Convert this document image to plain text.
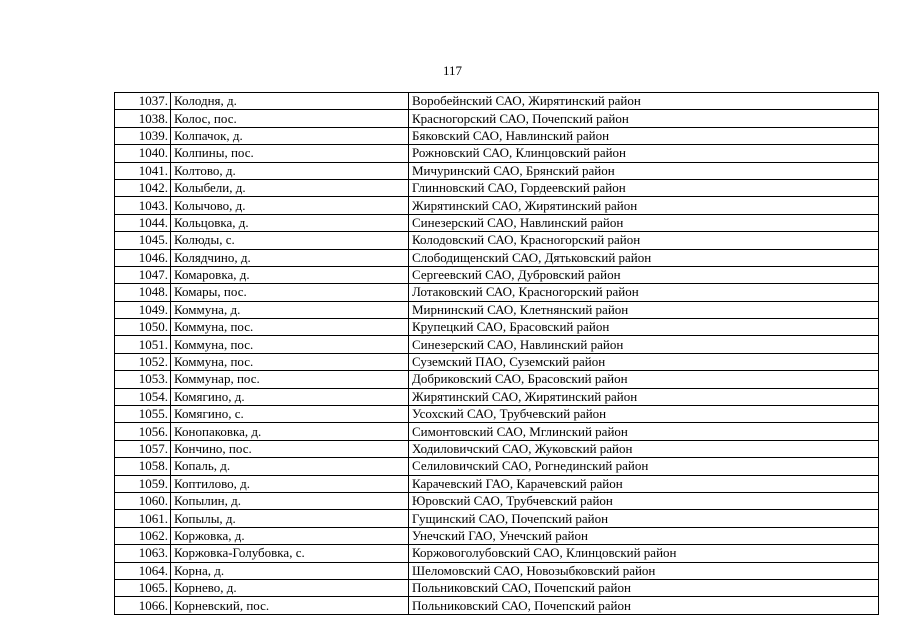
117
1037.	Колодня, д.	Воробейнский САО, Жирятинский район
1038.	Колос, пос.	Красногорский САО, Почепский район
1039.	Колпачок, д.	Бяковский САО, Навлинский район
1040.	Колпины, пос.	Рожновский САО, Клинцовский район
1041.	Колтово, д.	Мичуринский САО, Брянский район
1042.	Колыбели, д.	Глинновский САО, Гордеевский район
1043.	Колычово, д.	Жирятинский САО, Жирятинский район
1044.	Кольцовка, д.	Синезерский САО, Навлинский район
1045.	Колюды, с.	Колодовский САО, Красногорский район
1046.	Колядчино, д.	Слободищенский САО, Дятьковский район
1047.	Комаровка, д.	Сергеевский САО, Дубровский район
1048.	Комары, пос.	Лотаковский САО, Красногорский район
1049.	Коммуна, д.	Мирнинский САО, Клетнянский район
1050.	Коммуна, пос.	Крупецкий САО, Брасовский район
1051.	Коммуна, пос.	Синезерский САО, Навлинский район
1052.	Коммуна, пос.	Суземский ПАО, Суземский район
1053.	Коммунар, пос.	Добриковский САО, Брасовский район
1054.	Комягино, д.	Жирятинский САО, Жирятинский район
1055.	Комягино, с.	Усохский САО, Трубчевский район
1056.	Конопаковка, д.	Симонтовский САО, Мглинский район
1057.	Кончино, пос.	Ходиловичский САО, Жуковский район
1058.	Копаль, д.	Селиловичский САО, Рогнединский район
1059.	Коптилово, д.	Карачевский ГАО, Карачевский район
1060.	Копылин, д.	Юровский САО, Трубчевский район
1061.	Копылы, д.	Гущинский САО, Почепский район
1062.	Коржовка, д.	Унечский ГАО, Унечский район
1063.	Коржовка-Голубовка, с.	Коржовоголубовский САО, Клинцовский район
1064.	Корна, д.	Шеломовский САО, Новозыбковский район
1065.	Корнево, д.	Польниковский САО, Почепский район
1066.	Корневский, пос.	Польниковский САО, Почепский район
